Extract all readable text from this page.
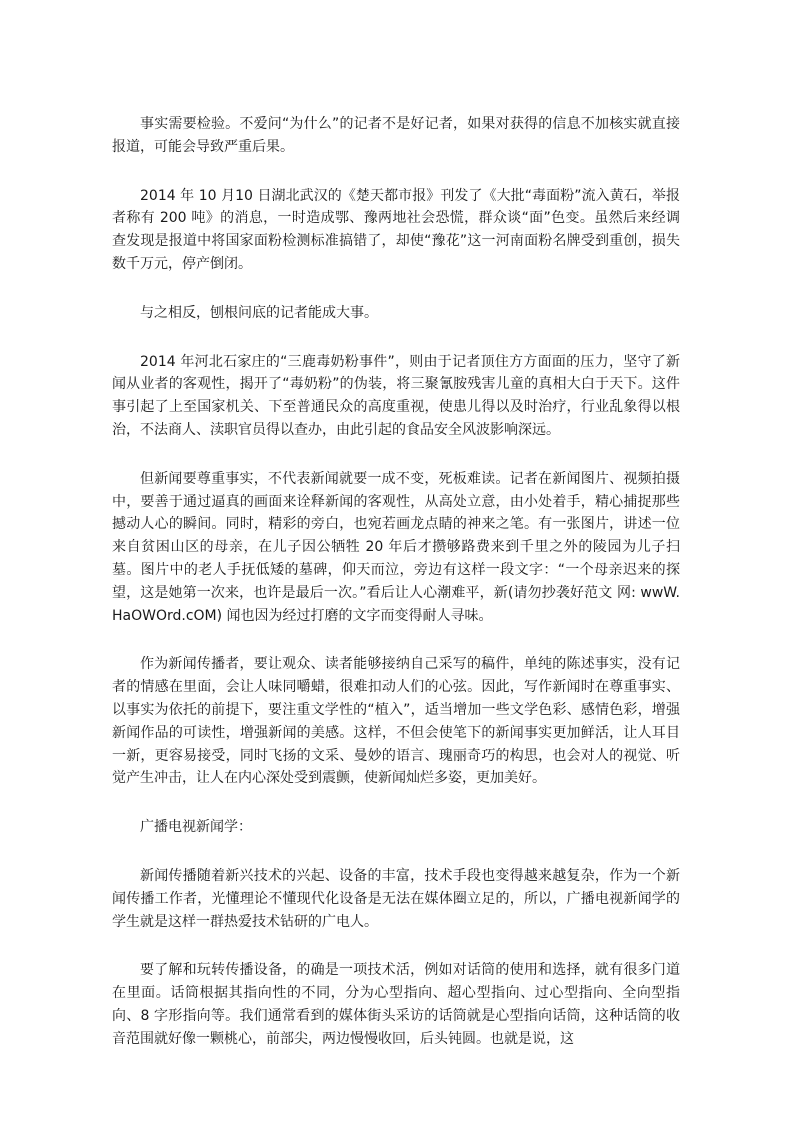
事实需要检验。不爱问“为什么”的记者不是好记者，如果对获得的信息不加核实就直接报道，可能会导致严重后果。

2014 年 10 月10 日湖北武汉的《楚天都市报》刊发了《大批“毒面粉”流入黄石，举报者称有 200 吨》的消息，一时造成鄂、豫两地社会恐慌，群众谈“面”色变。虽然后来经调查发现是报道中将国家面粉检测标准搞错了，却使“豫花”这一河南面粉名牌受到重创，损失数千万元，停产倒闭。

与之相反，刨根问底的记者能成大事。

2014 年河北石家庄的“三鹿毒奶粉事件”，则由于记者顶住方方面面的压力，坚守了新闻从业者的客观性，揭开了“毒奶粉”的伪装，将三聚氰胺残害儿童的真相大白于天下。这件事引起了上至国家机关、下至普通民众的高度重视，使患儿得以及时治疗，行业乱象得以根治，不法商人、渎职官员得以查办，由此引起的食品安全风波影响深远。

但新闻要尊重事实，不代表新闻就要一成不变，死板难读。记者在新闻图片、视频拍摄中，要善于通过逼真的画面来诠释新闻的客观性，从高处立意，由小处着手，精心捕捉那些撼动人心的瞬间。同时，精彩的旁白，也宛若画龙点睛的神来之笔。有一张图片，讲述一位来自贫困山区的母亲，在儿子因公牺牲 20 年后才攒够路费来到千里之外的陵园为儿子扫墓。图片中的老人手抚低矮的墓碑，仰天而泣，旁边有这样一段文字：“一个母亲迟来的探望，这是她第一次来，也许是最后一次。”看后让人心潮难平，新(请勿抄袭好范文 网: wwW.HaOWOrd.cOM) 闻也因为经过打磨的文字而变得耐人寻味。

作为新闻传播者，要让观众、读者能够接纳自己采写的稿件，单纯的陈述事实，没有记者的情感在里面，会让人味同嚼蜡，很难扣动人们的心弦。因此，写作新闻时在尊重事实、以事实为依托的前提下，要注重文学性的“植入”，适当增加一些文学色彩、感情色彩，增强新闻作品的可读性，增强新闻的美感。这样，不但会使笔下的新闻事实更加鲜活，让人耳目一新，更容易接受，同时飞扬的文采、曼妙的语言、瑰丽奇巧的构思，也会对人的视觉、听觉产生冲击，让人在内心深处受到震颤，使新闻灿烂多姿，更加美好。

广播电视新闻学：

新闻传播随着新兴技术的兴起、设备的丰富，技术手段也变得越来越复杂，作为一个新闻传播工作者，光懂理论不懂现代化设备是无法在媒体圈立足的，所以，广播电视新闻学的学生就是这样一群热爱技术钻研的广电人。

要了解和玩转传播设备，的确是一项技术活，例如对话筒的使用和选择，就有很多门道在里面。话筒根据其指向性的不同，分为心型指向、超心型指向、过心型指向、全向型指向、8 字形指向等。我们通常看到的媒体街头采访的话筒就是心型指向话筒，这种话筒的收音范围就好像一颗桃心，前部尖，两边慢慢收回，后头钝圆。也就是说，这
